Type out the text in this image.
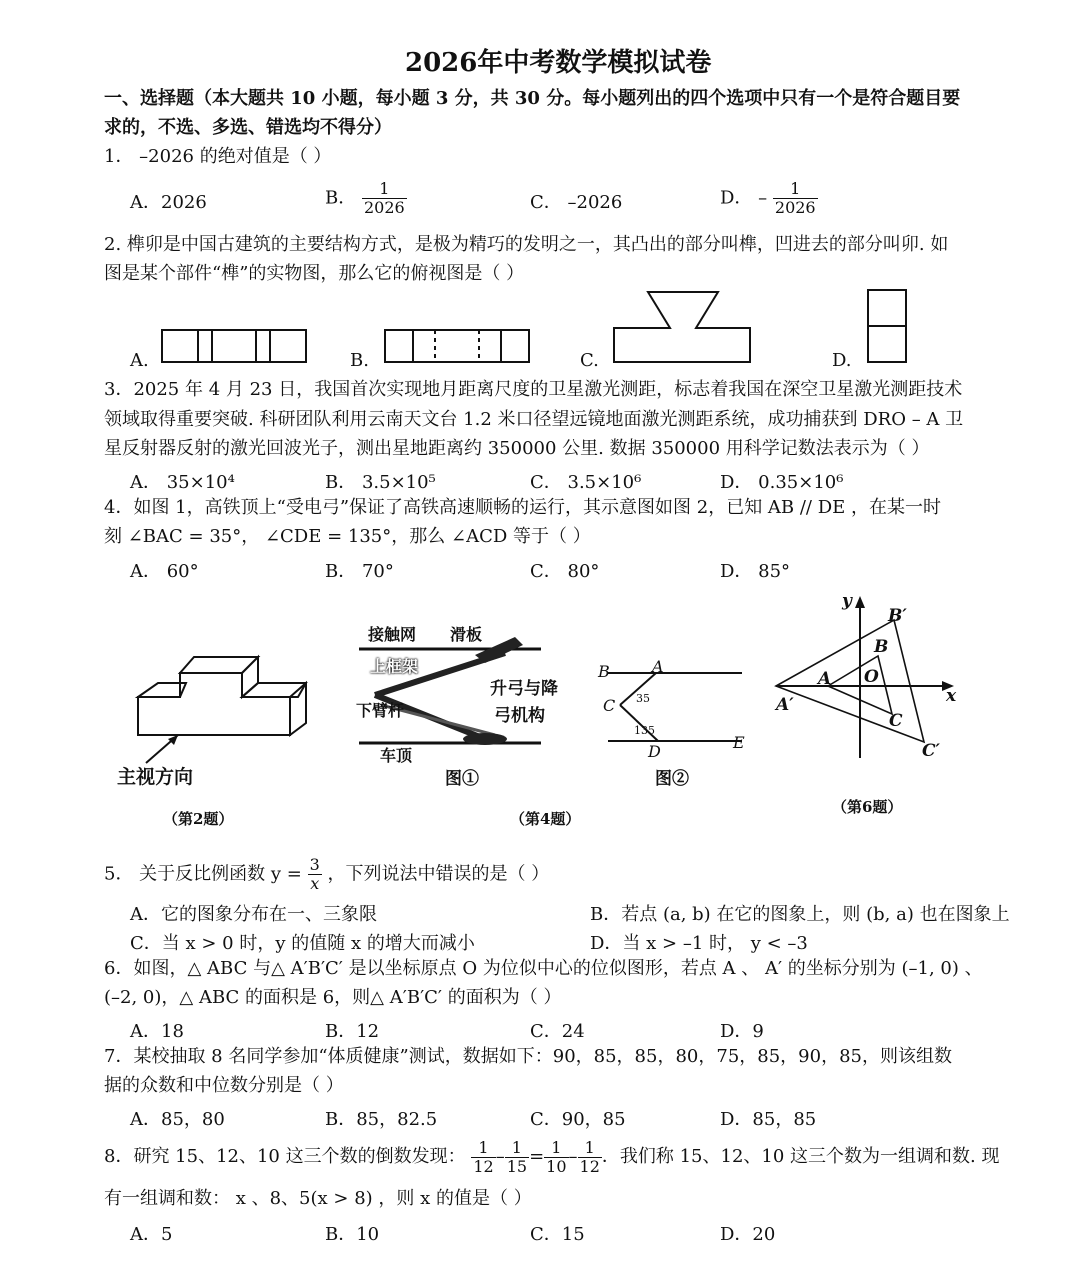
2026年中考数学模拟试卷
一、选择题（本大题共 10 小题，每小题 3 分，共 30 分。每小题列出的四个选项中只有一个是符合题目要
求的，不选、多选、错选均不得分）
1． –2026 的绝对值是（ ）
A．2026	B． $\frac{1}{2026}$	C． –2026	D． – $\frac{1}{2026}$
2. 榫卯是中国古建筑的主要结构方式，是极为精巧的发明之一，其凸出的部分叫榫，凹进去的部分叫卯. 如
图是某个部件“榫”的实物图，那么它的俯视图是（ ）
A.	B.	C.	D.
3．2025 年 4 月 23 日，我国首次实现地月距离尺度的卫星激光测距，标志着我国在深空卫星激光测距技术
领域取得重要突破. 科研团队利用云南天文台 1.2 米口径望远镜地面激光测距系统，成功捕获到 DRO – A 卫
星反射器反射的激光回波光子，测出星地距离约 350000 公里. 数据 350000 用科学记数法表示为（ ）
A． 35×10⁴	B． 3.5×10⁵	C． 3.5×10⁶	D． 0.35×10⁶
4．如图 1，高铁顶上“受电弓”保证了高铁高速顺畅的运行，其示意图如图 2，已知 AB // DE ，在某一时
刻 ∠BAC = 35°， ∠CDE = 135°，那么 ∠ACD 等于（ ）
A． 60°	B． 70°	C． 80°	D． 85°
主视方向
（第2题）
接触网 滑板
上框架
下臂杆
升弓与降
弓机构
车顶
图①
B	A
C 35
135
D	E
图②
（第4题）
y
x
B′
B
A O
A′
C
C′
（第6题）
5． 关于反比例函数 $y = \frac{3}{x}$ ，下列说法中错误的是（ ）
A．它的图象分布在一、三象限	B．若点 (a, b) 在它的图象上，则 (b, a) 也在图象上
C．当 x > 0 时，y 的值随 x 的增大而减小	D．当 x > –1 时， y < –3
6．如图，△ ABC 与△ A′B′C′ 是以坐标原点 O 为位似中心的位似图形，若点 A 、 A′ 的坐标分别为 (–1, 0) 、
(–2, 0)，△ ABC 的面积是 6，则△ A′B′C′ 的面积为（ ）
A．18	B．12	C．24	D．9
7．某校抽取 8 名同学参加“体质健康”测试，数据如下：90，85，85，80，75，85，90，85，则该组数
据的众数和中位数分别是（ ）
A．85，80	B．85，82.5	C．90，85	D．85，85
8．研究 15、12、10 这三个数的倒数发现： $\frac{1}{12} - \frac{1}{15} = \frac{1}{10} - \frac{1}{12}$ ．我们称 15、12、10 这三个数为一组调和数. 现
有一组调和数： x 、8、5(x > 8) ，则 x 的值是（ ）
A．5	B．10	C．15	D．20
